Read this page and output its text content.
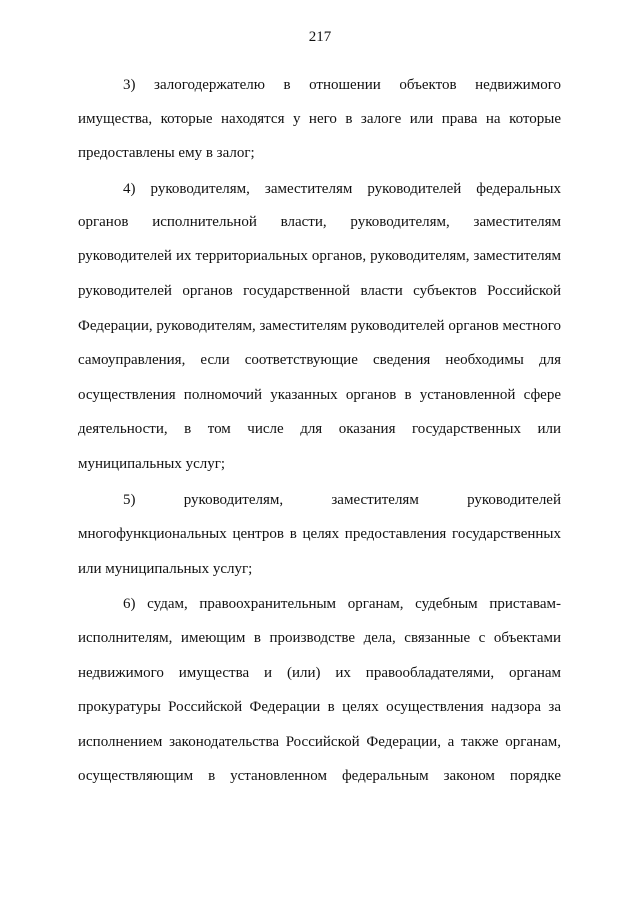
217
3) залогодержателю в отношении объектов недвижимого
имущества, которые находятся у него в залоге или права на которые
предоставлены ему в залог;
4) руководителям, заместителям руководителей федеральных
органов исполнительной власти, руководителям, заместителям
руководителей их территориальных органов, руководителям, заместителям
руководителей органов государственной власти субъектов Российской
Федерации, руководителям, заместителям руководителей органов местного
самоуправления, если соответствующие сведения необходимы для
осуществления полномочий указанных органов в установленной сфере
деятельности, в том числе для оказания государственных или
муниципальных услуг;
5) руководителям, заместителям руководителей
многофункциональных центров в целях предоставления государственных
или муниципальных услуг;
6) судам, правоохранительным органам, судебным приставам-
исполнителям, имеющим в производстве дела, связанные с объектами
недвижимого имущества и (или) их правообладателями, органам
прокуратуры Российской Федерации в целях осуществления надзора за
исполнением законодательства Российской Федерации, а также органам,
осуществляющим в установленном федеральным законом порядке
